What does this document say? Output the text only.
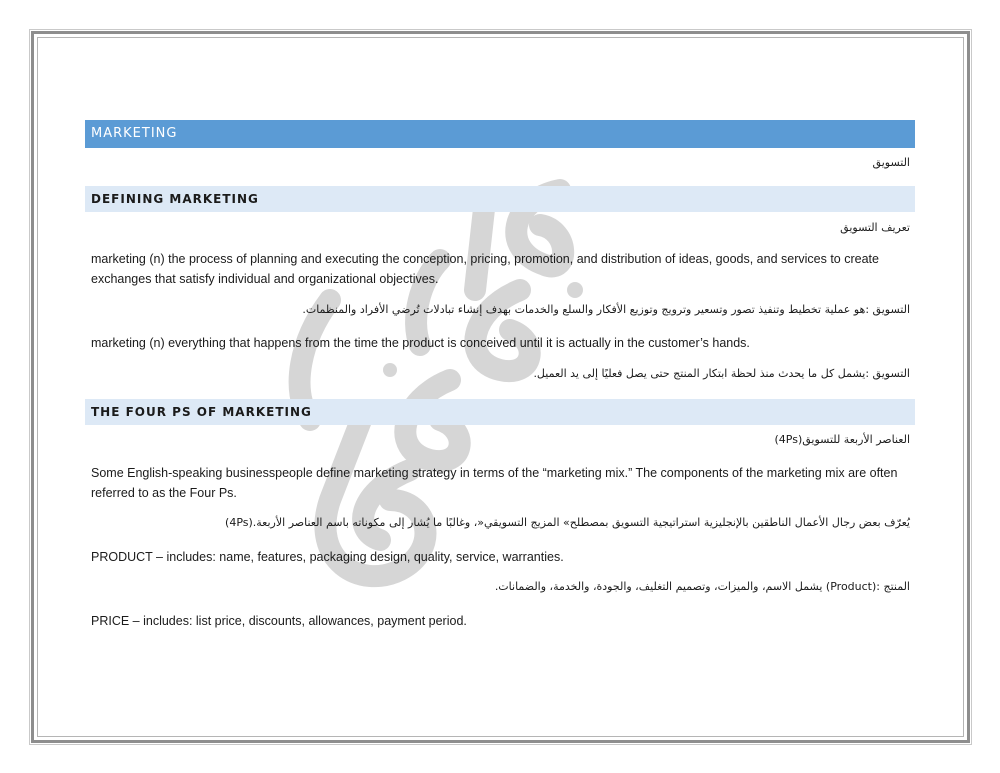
MARKETING
التسويق
DEFINING MARKETING
تعريف التسويق
marketing (n) the process of planning and executing the conception, pricing, promotion, and distribution of ideas, goods, and services to create exchanges that satisfy individual and organizational objectives.
التسويق :هو عملية تخطيط وتنفيذ تصور وتسعير وترويج وتوزيع الأفكار والسلع والخدمات بهدف إنشاء تبادلات تُرضي الأفراد والمنظمات.
marketing (n) everything that happens from the time the product is conceived until it is actually in the customer’s hands.
التسويق :يشمل كل ما يحدث منذ لحظة ابتكار المنتج حتى يصل فعليًا إلى يد العميل.
THE FOUR PS OF MARKETING
العناصر الأربعة للتسويق(4Ps)
Some English-speaking businesspeople define marketing strategy in terms of the “marketing mix.” The components of the marketing mix are often referred to as the Four Ps.
يُعرّف بعض رجال الأعمال الناطقين بالإنجليزية استراتيجية التسويق بمصطلح» المزيج التسويقي«، وغالبًا ما يُشار إلى مكوناته باسم العناصر الأربعة.(4Ps)
PRODUCT – includes: name, features, packaging design, quality, service, warranties.
المنتج :(Product) يشمل الاسم، والميزات، وتصميم التغليف، والجودة، والخدمة، والضمانات.
PRICE – includes: list price, discounts, allowances, payment period.
